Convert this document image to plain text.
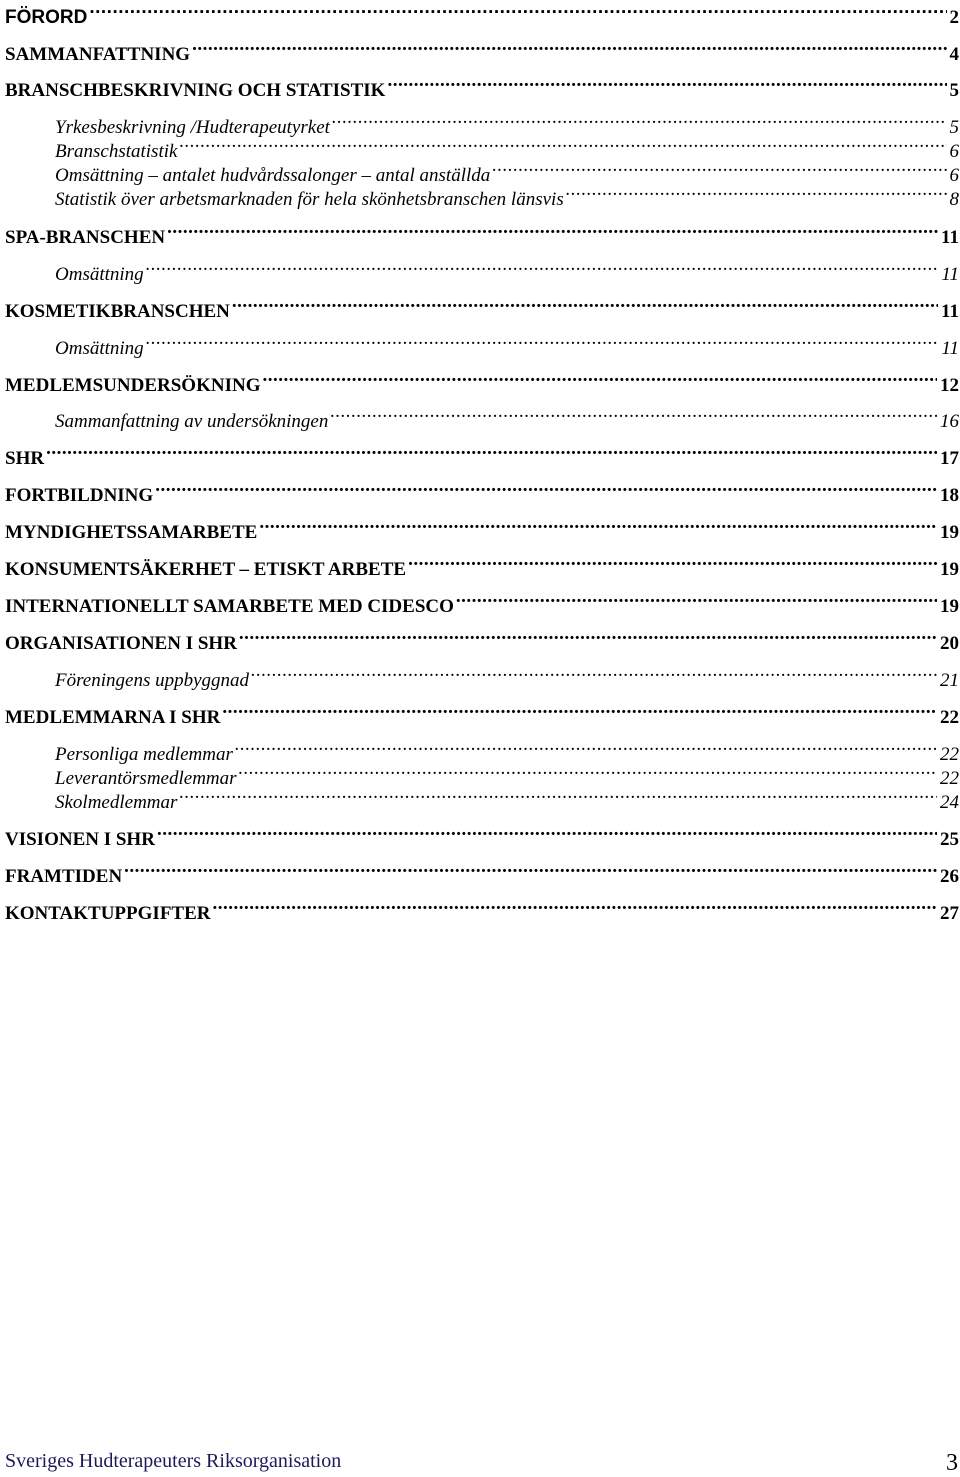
FÖRORD .....	2
SAMMANFATTNING .....	4
BRANSCHBESKRIVNING OCH STATISTIK .....	5
Yrkesbeskrivning /Hudterapeutyrket .....	5
Branschstatistik .....	6
Omsättning – antalet hudvårdssalonger – antal anställda .....	6
Statistik över arbetsmarknaden för hela skönhetsbranschen länsvis .....	8
SPA-BRANSCHEN .....	11
Omsättning .....	11
KOSMETIKBRANSCHEN .....	11
Omsättning .....	11
MEDLEMSUNDERSÖKNING .....	12
Sammanfattning av undersökningen .....	16
SHR .....	17
FORTBILDNING .....	18
MYNDIGHETSSAMARBETE .....	19
KONSUMENTSÄKERHET – ETISKT ARBETE .....	19
INTERNATIONELLT SAMARBETE MED CIDESCO .....	19
ORGANISATIONEN I SHR .....	20
Föreningens uppbyggnad .....	21
MEDLEMMARNA I SHR .....	22
Personliga medlemmar .....	22
Leverantörsmedlemmar .....	22
Skolmedlemmar .....	24
VISIONEN I SHR .....	25
FRAMTIDEN .....	26
KONTAKTUPPGIFTER .....	27
Sveriges Hudterapeuters Riksorganisation	3
